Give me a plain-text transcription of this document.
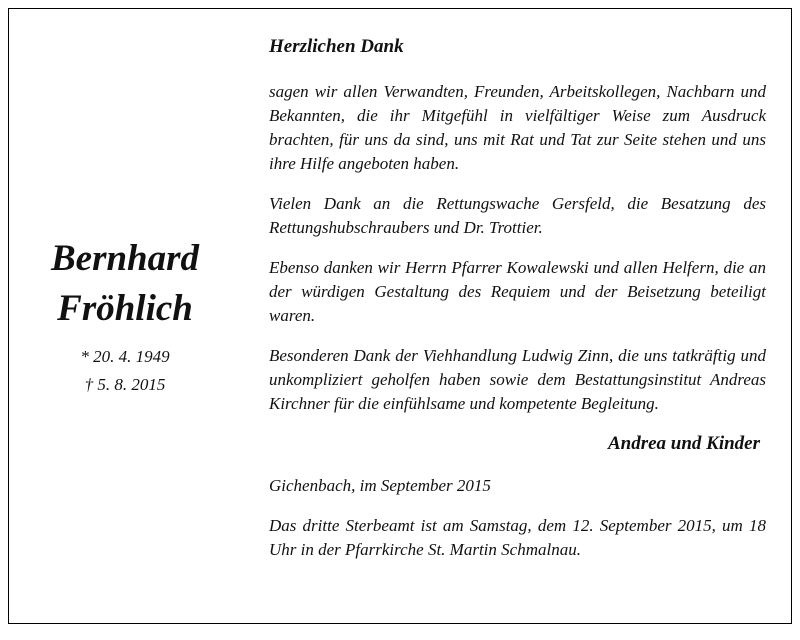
Bernhard
Fröhlich
* 20. 4. 1949
† 5. 8. 2015
Herzlichen Dank

sagen wir allen Verwandten, Freunden, Arbeitskollegen, Nachbarn und Bekannten, die ihr Mitgefühl in vielfältiger Weise zum Ausdruck brachten, für uns da sind, uns mit Rat und Tat zur Seite stehen und uns ihre Hilfe angeboten haben.

Vielen Dank an die Rettungswache Gersfeld, die Besatzung des Rettungshubschraubers und Dr. Trottier.

Ebenso danken wir Herrn Pfarrer Kowalewski und allen Helfern, die an der würdigen Gestaltung des Requiem und der Beisetzung beteiligt waren.

Besonderen Dank der Viehhandlung Ludwig Zinn, die uns tatkräftig und unkompliziert geholfen haben sowie dem Bestattungsinstitut Andreas Kirchner für die einfühlsame und kompetente Begleitung.

Andrea und Kinder
Gichenbach, im September 2015

Das dritte Sterbeamt ist am Samstag, dem 12. September 2015, um 18 Uhr in der Pfarrkirche St. Martin Schmalnau.
